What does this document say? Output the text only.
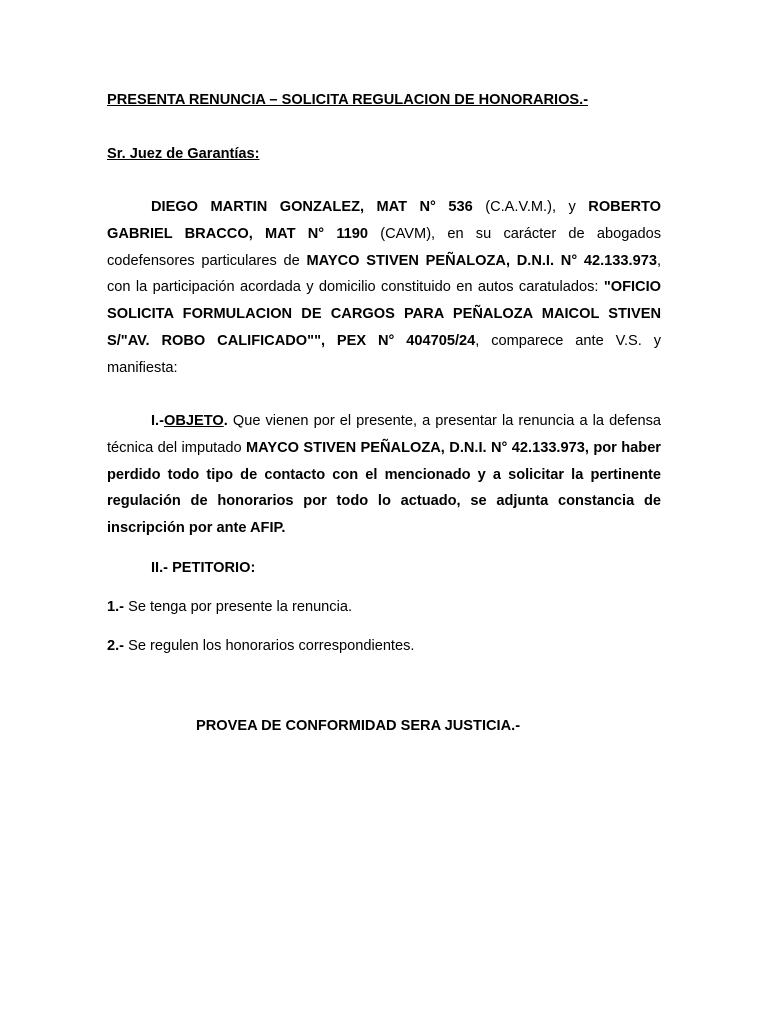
PRESENTA RENUNCIA – SOLICITA REGULACION DE HONORARIOS.-

Sr. Juez de Garantías:

DIEGO MARTIN GONZALEZ, MAT N° 536 (C.A.V.M.), y ROBERTO GABRIEL BRACCO, MAT N° 1190 (CAVM), en su carácter de abogados codefensores particulares de MAYCO STIVEN PEÑALOZA, D.N.I. N° 42.133.973, con la participación acordada y domicilio constituido en autos caratulados: "OFICIO SOLICITA FORMULACION DE CARGOS PARA PEÑALOZA MAICOL STIVEN S/"AV. ROBO CALIFICADO"", PEX N° 404705/24, comparece ante V.S. y manifiesta:

I.-OBJETO. Que vienen por el presente, a presentar la renuncia a la defensa técnica del imputado MAYCO STIVEN PEÑALOZA, D.N.I. N° 42.133.973, por haber perdido todo tipo de contacto con el mencionado y a solicitar la pertinente regulación de honorarios por todo lo actuado, se adjunta constancia de inscripción por ante AFIP.

II.- PETITORIO:

1.- Se tenga por presente la renuncia.

2.- Se regulen los honorarios correspondientes.

PROVEA DE CONFORMIDAD SERA JUSTICIA.-
